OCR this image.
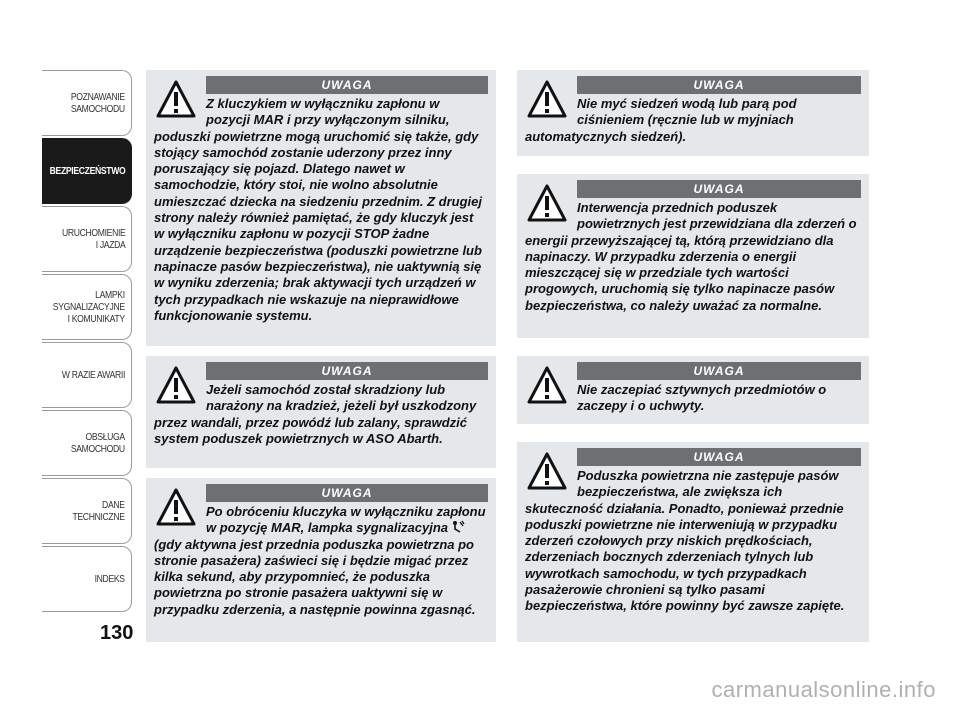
POZNAWANIE
SAMOCHODU
BEZPIECZEŃSTWO
URUCHOMIENIE
I JAZDA
LAMPKI
SYGNALIZACYJNE
I KOMUNIKATY
W RAZIE AWARII
OBSŁUGA
SAMOCHODU
DANE
TECHNICZNE
INDEKS
130
UWAGA

Z kluczykiem w wyłączniku zapłonu w pozycji MAR i przy wyłączonym silniku, poduszki powietrzne mogą uruchomić się także, gdy stojący samochód zostanie uderzony przez inny poruszający się pojazd. Dlatego nawet w samochodzie, który stoi, nie wolno absolutnie umieszczać dziecka na siedzeniu przednim. Z drugiej strony należy również pamiętać, że gdy kluczyk jest w wyłączniku zapłonu w pozycji STOP żadne urządzenie bezpieczeństwa (poduszki powietrzne lub napinacze pasów bezpieczeństwa), nie uaktywnią się w wyniku zderzenia; brak aktywacji tych urządzeń w tych przypadkach nie wskazuje na nieprawidłowe funkcjonowanie systemu.

UWAGA

Jeżeli samochód został skradziony lub narażony na kradzież, jeżeli był uszkodzony przez wandali, przez powódź lub zalany, sprawdzić system poduszek powietrznych w ASO Abarth.

UWAGA

Po obróceniu kluczyka w wyłączniku zapłonu w pozycję MAR, lampka sygnalizacyjna  (gdy aktywna jest przednia poduszka powietrzna po stronie pasażera) zaświeci się i będzie migać przez kilka sekund, aby przypomnieć, że poduszka powietrzna po stronie pasażera uaktywni się w przypadku zderzenia, a następnie powinna zgasnąć.

UWAGA

Nie myć siedzeń wodą lub parą pod ciśnieniem (ręcznie lub w myjniach automatycznych siedzeń).

UWAGA

Interwencja przednich poduszek powietrznych jest przewidziana dla zderzeń o energii przewyższającej tą, którą przewidziano dla napinaczy. W przypadku zderzenia o energii mieszczącej się w przedziale tych wartości progowych, uruchomią się tylko napinacze pasów bezpieczeństwa, co należy uważać za normalne.

UWAGA

Nie zaczepiać sztywnych przedmiotów o zaczepy i o uchwyty.

UWAGA

Poduszka powietrzna nie zastępuje pasów bezpieczeństwa, ale zwiększa ich skuteczność działania. Ponadto, ponieważ przednie poduszki powietrzne nie interweniują w przypadku zderzeń czołowych przy niskich prędkościach, zderzeniach bocznych zderzeniach tylnych lub wywrotkach samochodu, w tych przypadkach pasażerowie chronieni są tylko pasami bezpieczeństwa, które powinny być zawsze zapięte.

carmanualsonline.info
